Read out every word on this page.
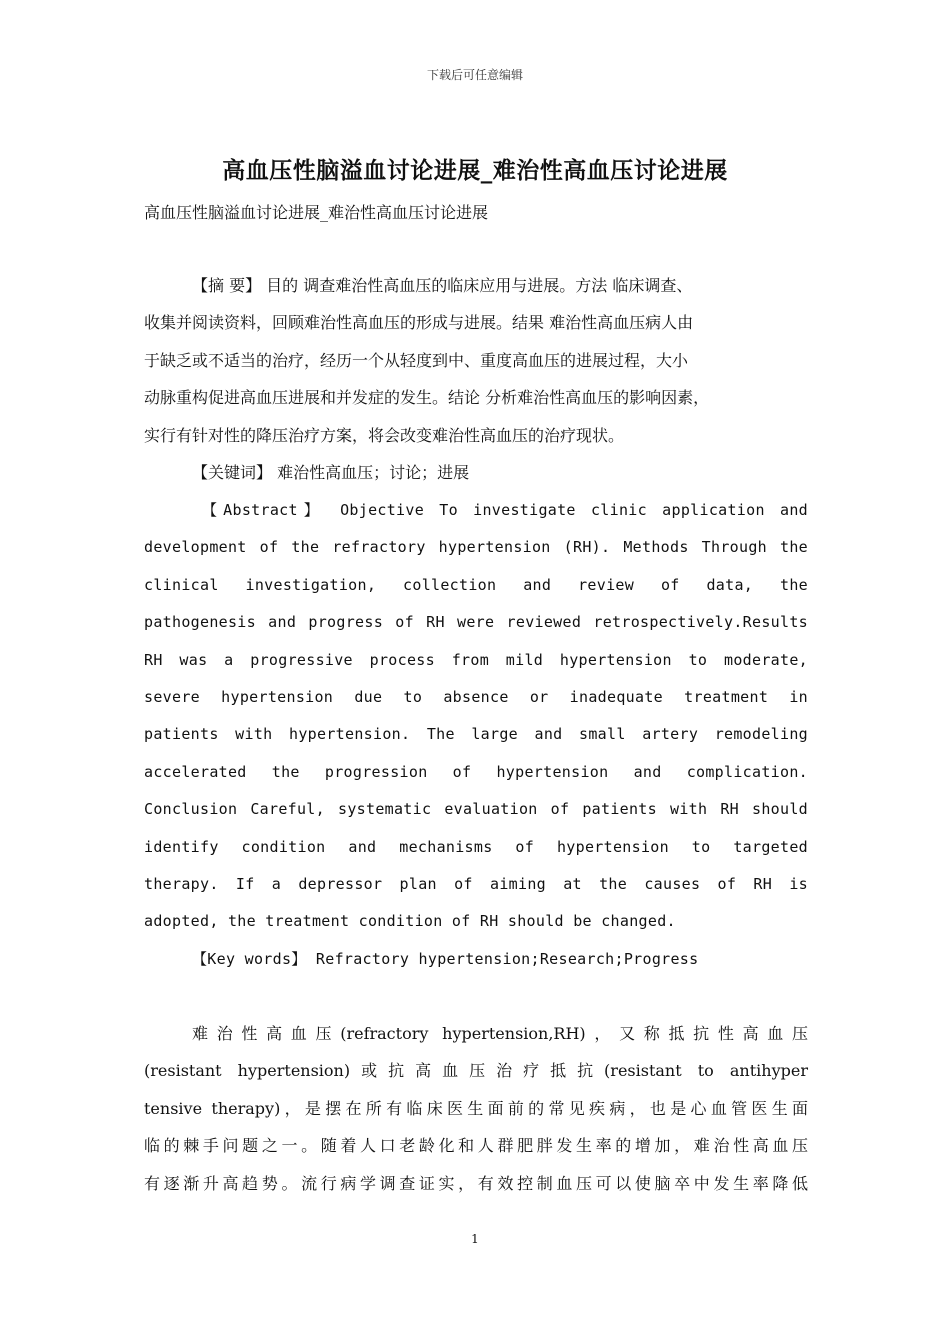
下载后可任意编辑
高血压性脑溢血讨论进展_难治性高血压讨论进展
高血压性脑溢血讨论进展_难治性高血压讨论进展
【摘 要】 目的 调查难治性高血压的临床应用与进展。方法 临床调查、
收集并阅读资料，回顾难治性高血压的形成与进展。结果 难治性高血压病人由
于缺乏或不适当的治疗，经历一个从轻度到中、重度高血压的进展过程，大小
动脉重构促进高血压进展和并发症的发生。结论 分析难治性高血压的影响因素，
实行有针对性的降压治疗方案，将会改变难治性高血压的治疗现状。
【关键词】 难治性高血压；讨论；进展
【Abstract】 Objective To investigate clinic application and
development of the refractory hypertension (RH). Methods Through the
clinical investigation, collection and review of data, the
pathogenesis and progress of RH were reviewed retrospectively.Results
RH was a progressive process from mild hypertension to moderate,
severe hypertension due to absence or inadequate treatment in
patients with hypertension. The large and small artery remodeling
accelerated the progression of hypertension and complication.
Conclusion Careful, systematic evaluation of patients with RH should
identify condition and mechanisms of hypertension to targeted
therapy. If a depressor plan of aiming at the causes of RH is
adopted, the treatment condition of RH should be changed.
【Key words】 Refractory hypertension;Research;Progress
难治性高血压(refractory hypertension,RH)，又称抵抗性高血压
(resistant hypertension)或抗高血压治疗抵抗(resistant to antihyper
tensive therapy)，是摆在所有临床医生面前的常见疾病，也是心血管医生面
临的棘手问题之一。随着人口老龄化和人群肥胖发生率的增加，难治性高血压
有逐渐升高趋势。流行病学调查证实，有效控制血压可以使脑卒中发生率降低
1
